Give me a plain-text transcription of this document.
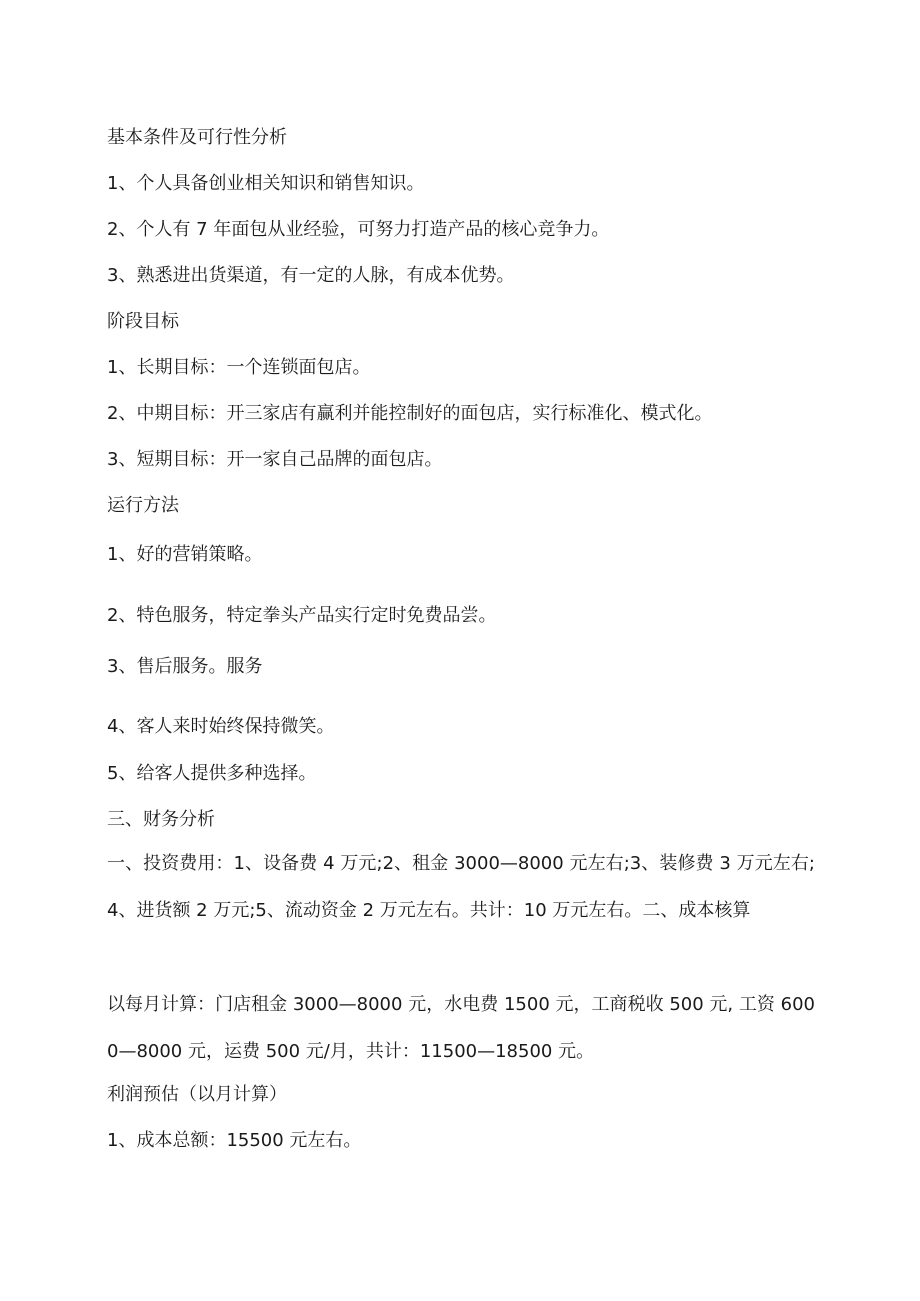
基本条件及可行性分析

1、个人具备创业相关知识和销售知识。

2、个人有 7 年面包从业经验，可努力打造产品的核心竞争力。

3、熟悉进出货渠道，有一定的人脉，有成本优势。

阶段目标

1、长期目标：一个连锁面包店。

2、中期目标：开三家店有赢利并能控制好的面包店，实行标准化、模式化。

3、短期目标：开一家自己品牌的面包店。

运行方法

1、好的营销策略。

2、特色服务，特定拳头产品实行定时免费品尝。

3、售后服务。服务

4、客人来时始终保持微笑。

5、给客人提供多种选择。

三、财务分析

一、投资费用：1、设备费 4 万元;2、租金 3000—8000 元左右;3、装修费 3 万元左右;4、进货额 2 万元;5、流动资金 2 万元左右。共计：10 万元左右。二、成本核算

以每月计算：门店租金 3000—8000 元，水电费 1500 元，工商税收 500 元, 工资 6000—8000 元，运费 500 元/月，共计：11500—18500 元。

利润预估（以月计算）

1、成本总额：15500 元左右。
